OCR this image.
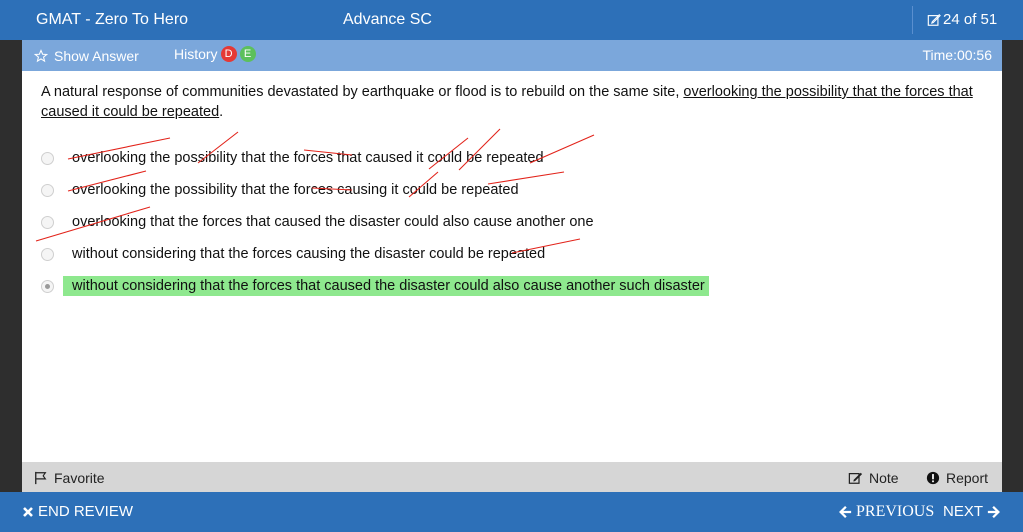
GMAT - Zero To Hero	Advance SC	24 of 51
Show Answer	History D	E	Time:00:56
A natural response of communities devastated by earthquake or flood is to rebuild on the same site, overlooking the possibility that the forces that caused it could be repeated.
overlooking the possibility that the forces that caused it could be repeated
overlooking the possibility that the forces causing it could be repeated
overlooking that the forces that caused the disaster could also cause another one
without considering that the forces causing the disaster could be repeated
without considering that the forces that caused the disaster could also cause another such disaster
Favorite	Note	Report
END REVIEW	PREVIOUS NEXT
